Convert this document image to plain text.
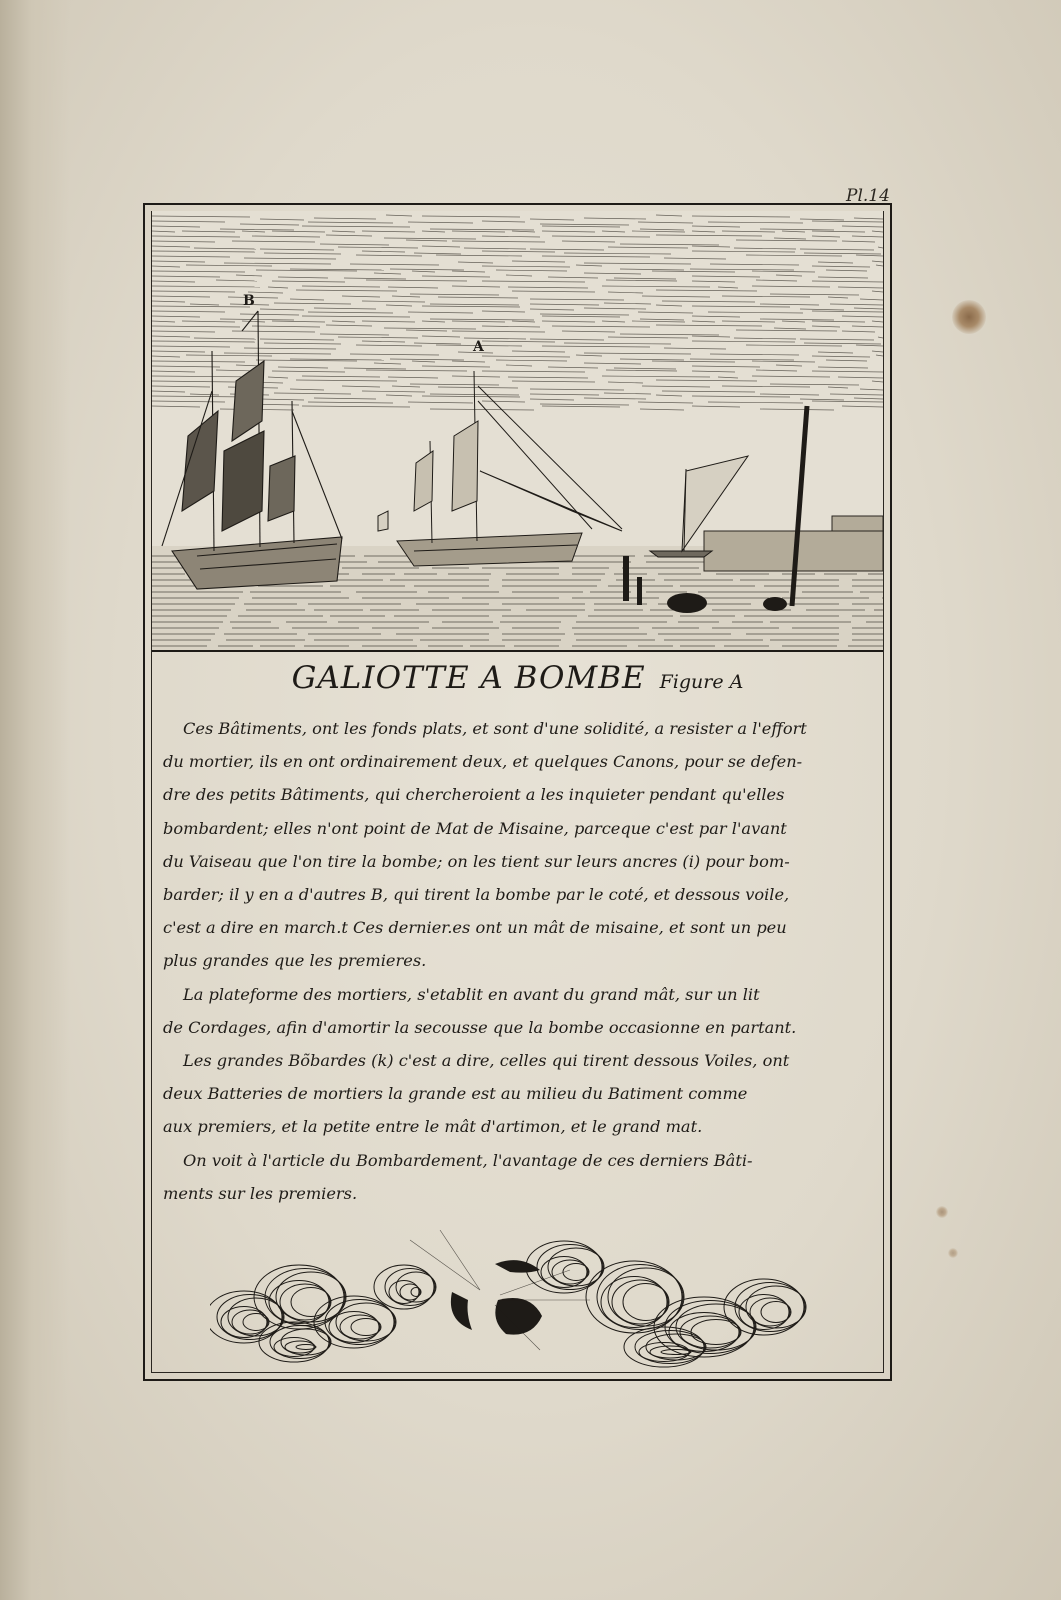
Pl.14
B
A
GALIOTTE A BOMBE Figure A
Ces Bâtiments, ont les fonds plats, et sont d'une solidité, a resister a l'effort
du mortier, ils en ont ordinairement deux, et quelques Canons, pour se defen-
dre des petits Bâtiments, qui chercheroient a les inquieter pendant qu'elles
bombardent; elles n'ont point de Mat de Misaine, parceque c'est par l'avant
du Vaiseau que l'on tire la bombe; on les tient sur leurs ancres (i) pour bom-
barder; il y en a d'autres B, qui tirent la bombe par le coté, et dessous voile,
c'est a dire en march.t Ces dernier.es ont un mât de misaine, et sont un peu
plus grandes que les premieres.
La plateforme des mortiers, s'etablit en avant du grand mât, sur un lit
de Cordages, afin d'amortir la secousse que la bombe occasionne en partant.
Les grandes Bõbardes (k) c'est a dire, celles qui tirent dessous Voiles, ont
deux Batteries de mortiers la grande est au milieu du Batiment comme
aux premiers, et la petite entre le mât d'artimon, et le grand mat.
On voit à l'article du Bombardement, l'avantage de ces derniers Bâti-
ments sur les premiers.
